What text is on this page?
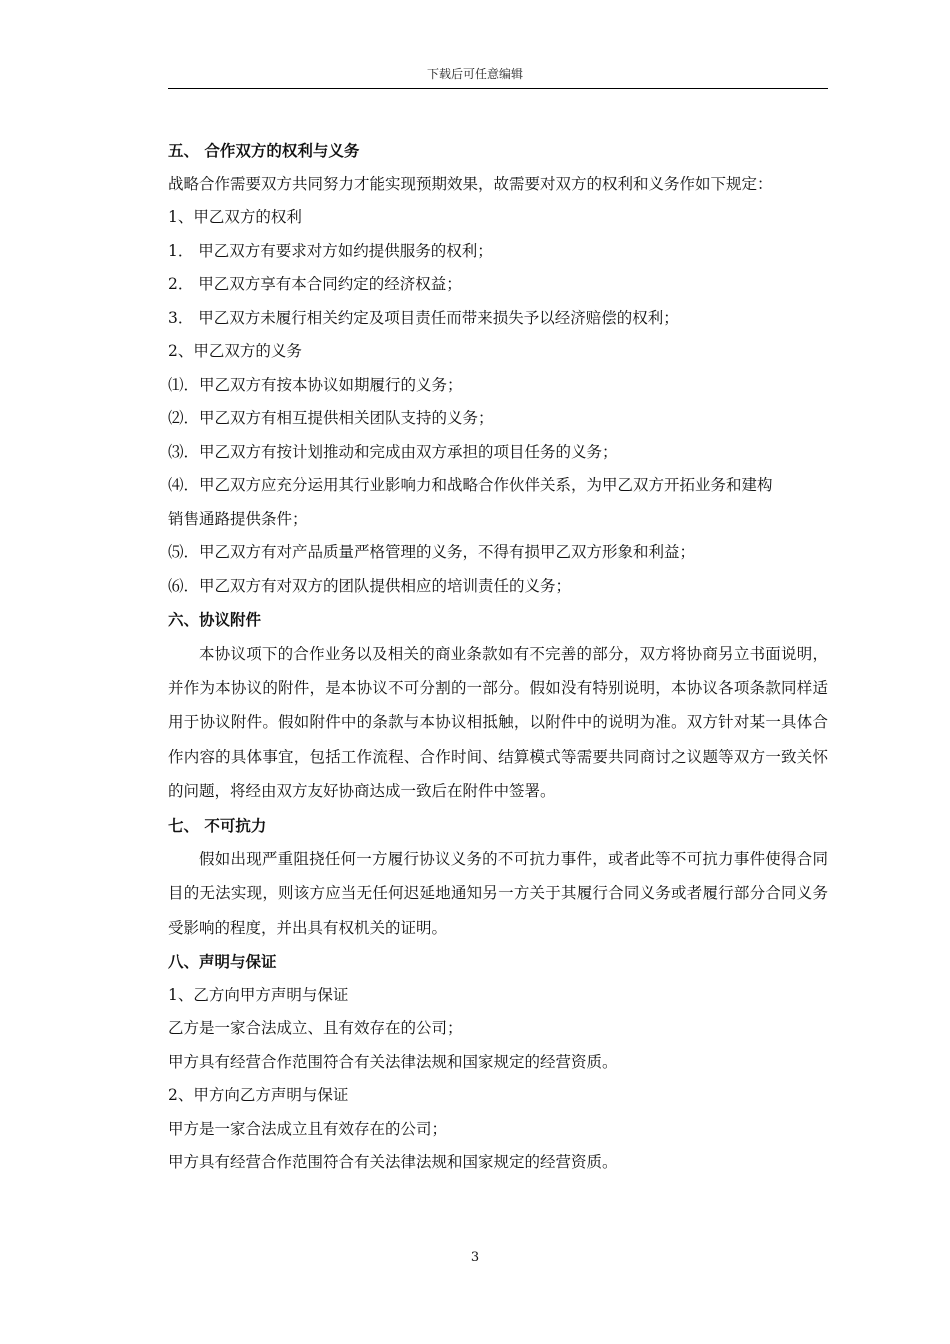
下载后可任意编辑
五、 合作双方的权利与义务
战略合作需要双方共同努力才能实现预期效果，故需要对双方的权利和义务作如下规定：
1、甲乙双方的权利
1． 甲乙双方有要求对方如约提供服务的权利；
2． 甲乙双方享有本合同约定的经济权益；
3． 甲乙双方未履行相关约定及项目责任而带来损失予以经济赔偿的权利；
2、甲乙双方的义务
⑴．甲乙双方有按本协议如期履行的义务；
⑵．甲乙双方有相互提供相关团队支持的义务；
⑶．甲乙双方有按计划推动和完成由双方承担的项目任务的义务；
⑷．甲乙双方应充分运用其行业影响力和战略合作伙伴关系，为甲乙双方开拓业务和建构
销售通路提供条件；
⑸．甲乙双方有对产品质量严格管理的义务，不得有损甲乙双方形象和利益；
⑹．甲乙双方有对双方的团队提供相应的培训责任的义务；
六、协议附件

本协议项下的合作业务以及相关的商业条款如有不完善的部分，双方将协商另立书面说明，并作为本协议的附件，是本协议不可分割的一部分。假如没有特别说明，本协议各项条款同样适用于协议附件。假如附件中的条款与本协议相抵触，以附件中的说明为准。双方针对某一具体合作内容的具体事宜，包括工作流程、合作时间、结算模式等需要共同商讨之议题等双方一致关怀的问题，将经由双方友好协商达成一致后在附件中签署。

七、 不可抗力

假如出现严重阻挠任何一方履行协议义务的不可抗力事件，或者此等不可抗力事件使得合同目的无法实现，则该方应当无任何迟延地通知另一方关于其履行合同义务或者履行部分合同义务受影响的程度，并出具有权机关的证明。

八、声明与保证
1、乙方向甲方声明与保证
乙方是一家合法成立、且有效存在的公司；
甲方具有经营合作范围符合有关法律法规和国家规定的经营资质。
2、甲方向乙方声明与保证
甲方是一家合法成立且有效存在的公司；
甲方具有经营合作范围符合有关法律法规和国家规定的经营资质。
3
